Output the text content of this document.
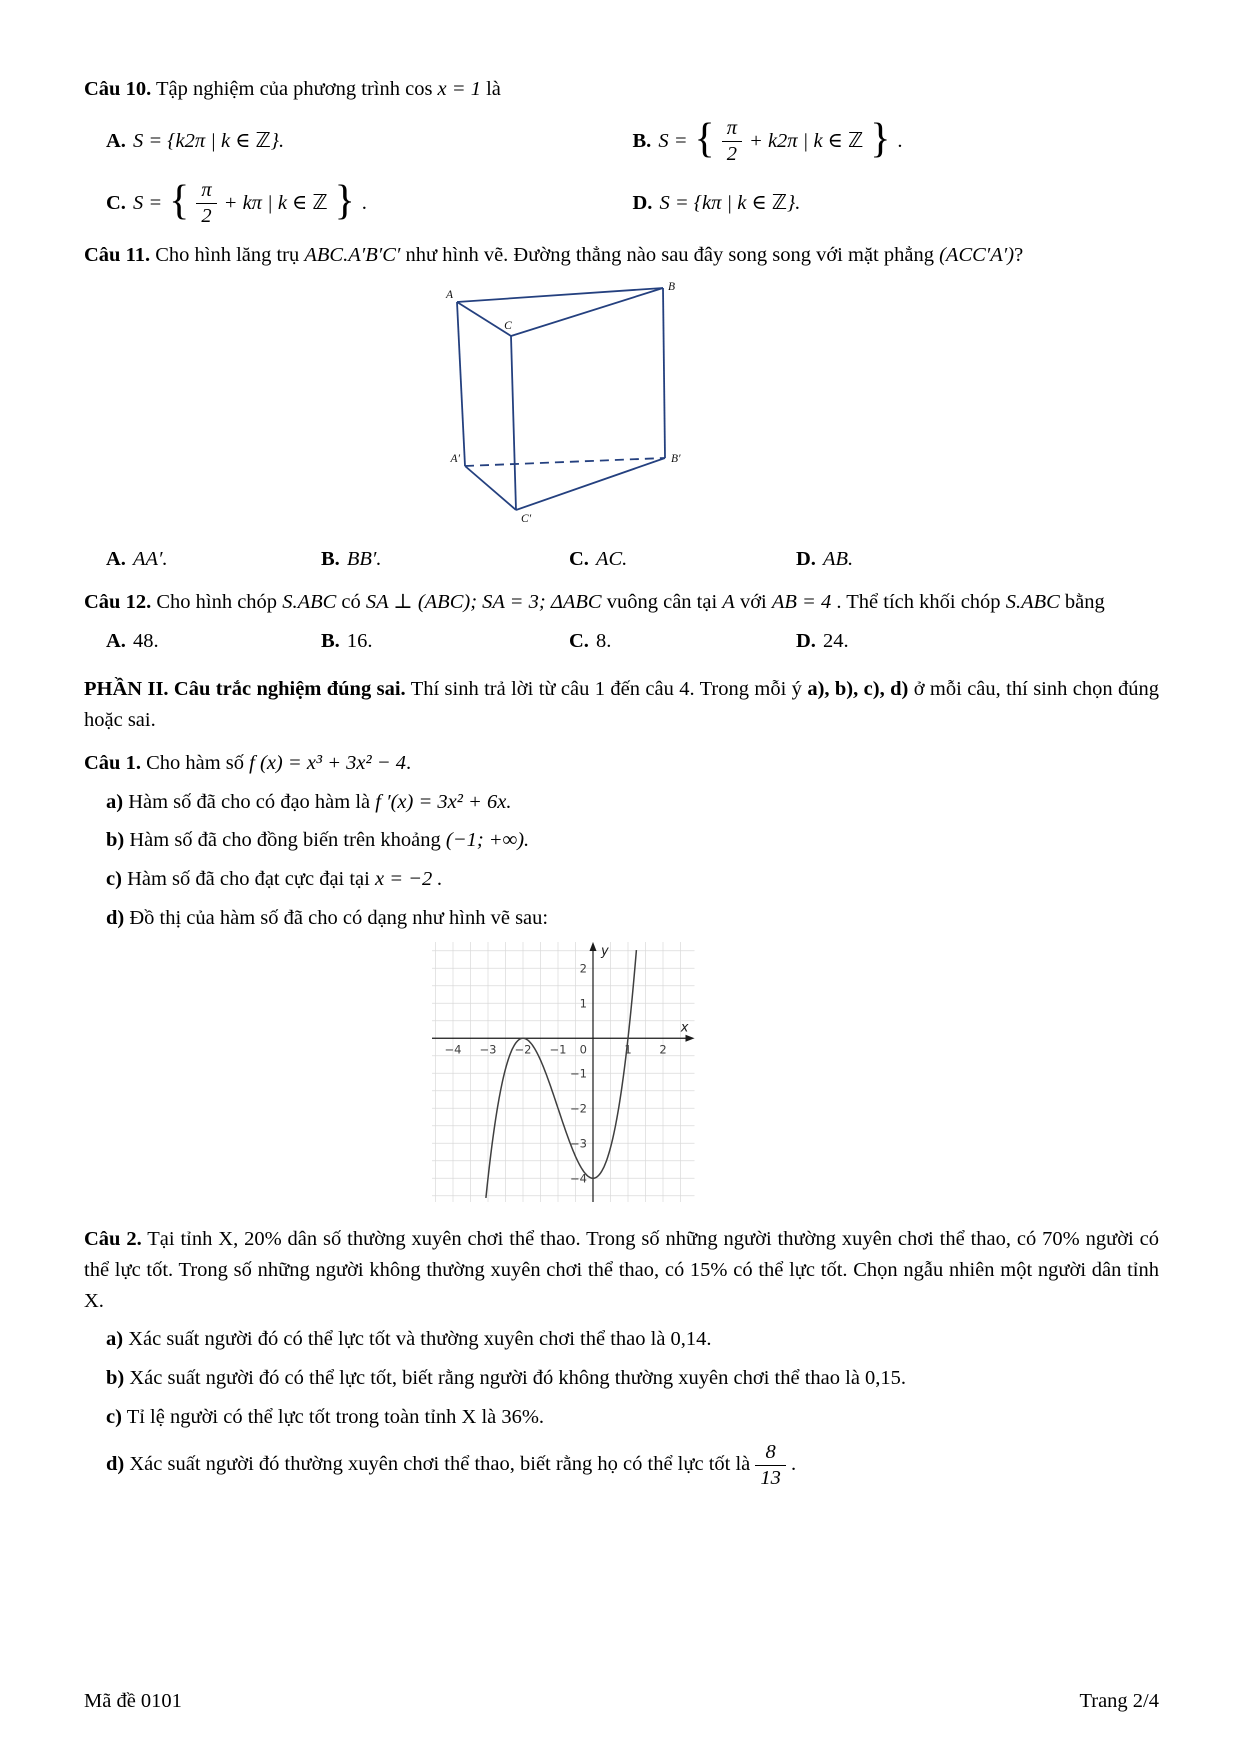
Câu 10. Tập nghiệm của phương trình cos x = 1 là

A. S = {k2π | k ∈ ℤ}.	B. S = { $\frac{\pi}{2} + k2\pi$ | k ∈ ℤ } .
C. S = { $\frac{\pi}{2} + k\pi$ | k ∈ ℤ } .	D. S = {kπ | k ∈ ℤ}.

Câu 11. Cho hình lăng trụ ABC.A′B′C′ như hình vẽ. Đường thẳng nào sau đây song song với mặt phẳng (ACC′A′)?

A
B
C
A′	B′
C′
A. AA′.	B. BB′.	C. AC.	D. AB.

Câu 12. Cho hình chóp S.ABC có SA ⊥ (ABC); SA = 3; ΔABC vuông cân tại A với AB = 4 . Thể tích khối chóp S.ABC bằng

A. 48.	B. 16.	C. 8.	D. 24.

PHẦN II. Câu trắc nghiệm đúng sai. Thí sinh trả lời từ câu 1 đến câu 4. Trong mỗi ý a), b), c), d) ở mỗi câu, thí sinh chọn đúng hoặc sai.

Câu 1. Cho hàm số f (x) = x³ + 3x² − 4.

a) Hàm số đã cho có đạo hàm là f ′(x) = 3x² + 6x.

b) Hàm số đã cho đồng biến trên khoảng (−1; +∞).

c) Hàm số đã cho đạt cực đại tại x = −2 .

d) Đồ thị của hàm số đã cho có dạng như hình vẽ sau:

−4 −3 −2 −1	1 2
2
1
−1
−2
−3
−4
0
x
y

Câu 2. Tại tỉnh X, 20% dân số thường xuyên chơi thể thao. Trong số những người thường xuyên chơi thể thao, có 70% người có thể lực tốt. Trong số những người không thường xuyên chơi thể thao, có 15% có thể lực tốt. Chọn ngẫu nhiên một người dân tỉnh X.

a) Xác suất người đó có thể lực tốt và thường xuyên chơi thể thao là 0,14.

b) Xác suất người đó có thể lực tốt, biết rằng người đó không thường xuyên chơi thể thao là 0,15.

c) Tỉ lệ người có thể lực tốt trong toàn tỉnh X là 36%.

d) Xác suất người đó thường xuyên chơi thể thao, biết rằng họ có thể lực tốt là $\frac{8}{13}$ .

Mã đề 0101	Trang 2/4
